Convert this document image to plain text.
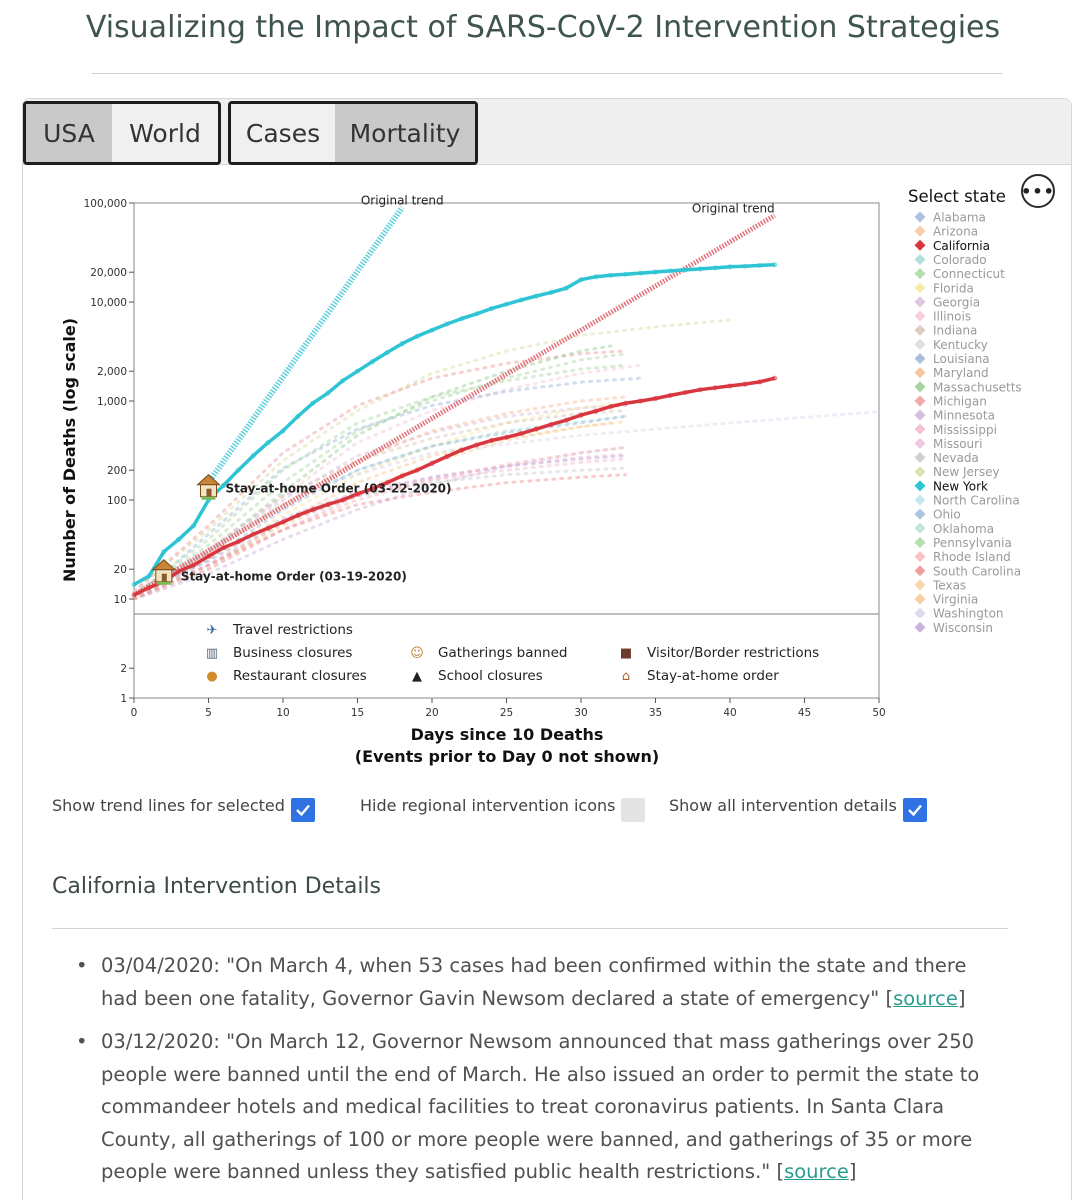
Visualizing the Impact of SARS-CoV-2 Intervention Strategies
USA	World	Cases	Mortality
0	5	10	15	20	25	30	35	40	45	50
1
2
10
20
100
200
1,000
2,000
10,000
20,000
100,000
Days since 10 Deaths
(Events prior to Day 0 not shown)
Number of Deaths (log scale)
Original trend
Original trend
Stay-at-home Order (03-22-2020)
Stay-at-home Order (03-19-2020)
✈ Travel restrictions
▥ Business closures
● Restaurant closures
☺ Gatherings banned
▲ School closures
■ Visitor/Border restrictions
⌂ Stay-at-home order
Select state
Alabama
Arizona
California
Colorado
Connecticut
Florida
Georgia
Illinois
Indiana
Kentucky
Louisiana
Maryland
Massachusetts
Michigan
Minnesota
Mississippi
Missouri
Nevada
New Jersey
New York
North Carolina
Ohio
Oklahoma
Pennsylvania
Rhode Island
South Carolina
Texas
Virginia
Washington
Wisconsin
•••
Show trend lines for selected	Hide regional intervention icons	Show all intervention details
California Intervention Details
• 03/04/2020: "On March 4, when 53 cases had been confirmed within the state and there had been one fatality, Governor Gavin Newsom declared a state of emergency" [source]
• 03/12/2020: "On March 12, Governor Newsom announced that mass gatherings over 250 people were banned until the end of March. He also issued an order to permit the state to commandeer hotels and medical facilities to treat coronavirus patients. In Santa Clara County, all gatherings of 100 or more people were banned, and gatherings of 35 or more people were banned unless they satisfied public health restrictions." [source]
